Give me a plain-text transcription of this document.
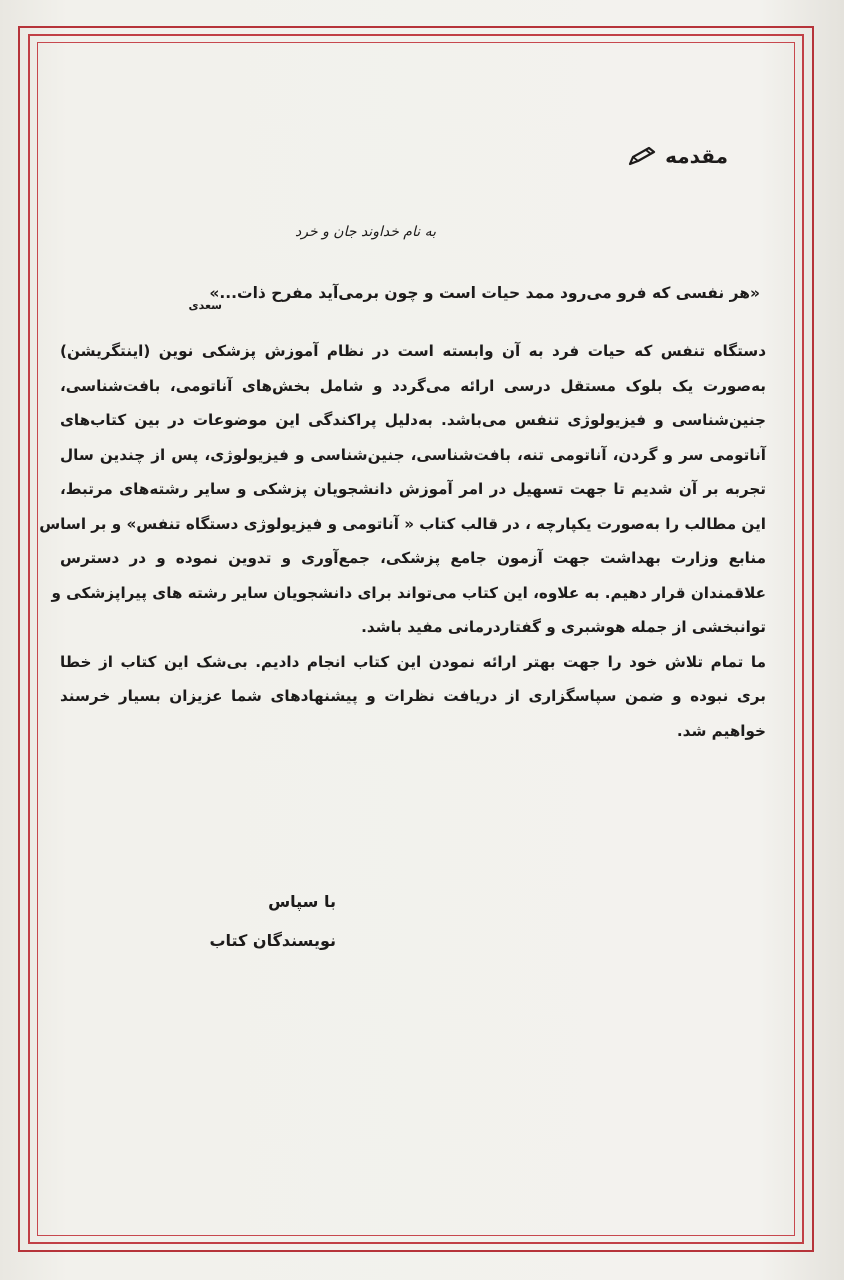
مقدمه
به نام خداوند جان و خرد
«هر نفسی که فرو می‌رود ممد حیات است و چون برمی‌آید مفرح ذات...»
سعدی
دستگاه تنفس که حیات فرد به آن وابسته است در نظام آموزش پزشکی نوین (اینتگریشن)
به‌صورت یک بلوک مستقل درسی ارائه می‌گردد و شامل بخش‌های آناتومی، بافت‌شناسی،
جنین‌شناسی و فیزیولوژی تنفس می‌باشد. به‌دلیل پراکندگی این موضوعات در بین کتاب‌های
آناتومی سر و گردن، آناتومی تنه، بافت‌شناسی، جنین‌شناسی و فیزیولوژی، پس از چندین سال
تجربه بر آن شدیم تا جهت تسهیل در امر آموزش دانشجویان پزشکی و سایر رشته‌های مرتبط،
این مطالب را به‌صورت یکپارچه ، در قالب کتاب « آناتومی و فیزیولوژی دستگاه تنفس» و بر اساس
منابع وزارت بهداشت جهت آزمون جامع پزشکی، جمع‌آوری و تدوین نموده و در دسترس
علاقمندان قرار دهیم. به علاوه، این کتاب می‌تواند برای دانشجویان سایر رشته های پیراپزشکی و
توانبخشی از جمله هوشبری و گفتاردرمانی مفید باشد.
ما تمام تلاش خود را جهت بهتر ارائه نمودن این کتاب انجام دادیم. بی‌شک این کتاب از خطا
بری نبوده و ضمن سپاسگزاری از دریافت نظرات و پیشنهادهای شما عزیزان بسیار خرسند
خواهیم شد.
با سپاس
نویسندگان کتاب
